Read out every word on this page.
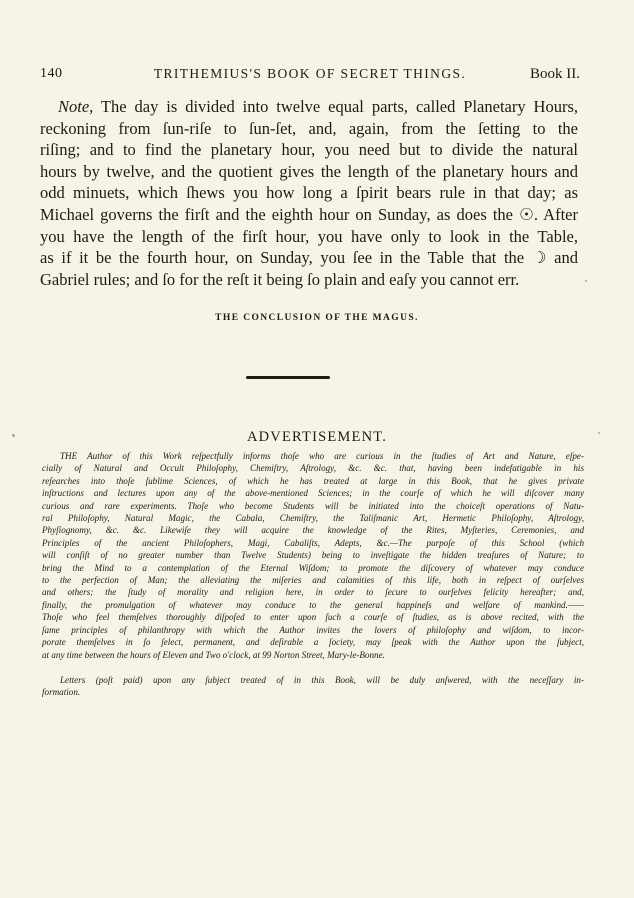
140	TRITHEMIUS'S BOOK OF SECRET THINGS.	Book II.
Note, The day is divided into twelve equal parts, called Planetary Hours,
reckoning from ſun-riſe to ſun-ſet, and, again, from the ſetting to the
riſing; and to find the planetary hour, you need but to divide the natural
hours by twelve, and the quotient gives the length of the planetary hours and
odd minuets, which ſhews you how long a ſpirit bears rule in that day; as
Michael governs the firſt and the eighth hour on Sunday, as does the ☉. After
you have the length of the firſt hour, you have only to look in the Table,
as if it be the fourth hour, on Sunday, you ſee in the Table that the ☽ and
Gabriel rules; and ſo for the reſt it being ſo plain and eaſy you cannot err.
THE CONCLUSION OF THE MAGUS.
ADVERTISEMENT.
THE Author of this Work reſpectfully informs thoſe who are curious in the ſtudies of Art and Nature, eſpe-
cially of Natural and Occult Philoſophy, Chemiſtry, Aſtrology, &c. &c. that, having been indefatigable in his
reſearches into thoſe ſublime Sciences, of which he has treated at large in this Book, that he gives private
inſtructions and lectures upon any of the above-mentioned Sciences; in the courſe of which he will diſcover many
curious and rare experiments. Thoſe who become Students will be initiated into the choiceſt operations of Natu-
ral Philoſophy, Natural Magic, the Cabala, Chemiſtry, the Taliſmanic Art, Hermetic Philoſophy, Aſtrology,
Phyſiognomy, &c. &c. Likewiſe they will acquire the knowledge of the Rites, Myſteries, Ceremonies, and
Principles of the ancient Philoſophers, Magi, Cabaliſts, Adepts, &c.—The purpoſe of this School (which
will conſiſt of no greater number than Twelve Students) being to inveſtigate the hidden treaſures of Nature; to
bring the Mind to a contemplation of the Eternal Wiſdom; to promote the diſcovery of whatever may conduce
to the perfection of Man; the alleviating the miſeries and calamities of this life, both in reſpect of ourſelves
and others; the ſtudy of morality and religion here, in order to ſecure to ourſelves felicity hereafter; and,
finally, the promulgation of whatever may conduce to the general happineſs and welfare of mankind.——
Thoſe who feel themſelves thoroughly diſpoſed to enter upon ſuch a courſe of ſtudies, as is above recited, with the
ſame principles of philanthropy with which the Author invites the lovers of philoſophy and wiſdom, to incor-
porate themſelves in ſo ſelect, permanent, and deſirable a ſociety, may ſpeak with the Author upon the ſubject,
at any time between the hours of Eleven and Two o'clock, at 99 Norton Street, Mary-le-Bonne.
Letters (poſt paid) upon any ſubject treated of in this Book, will be duly anſwered, with the neceſſary in-
formation.
